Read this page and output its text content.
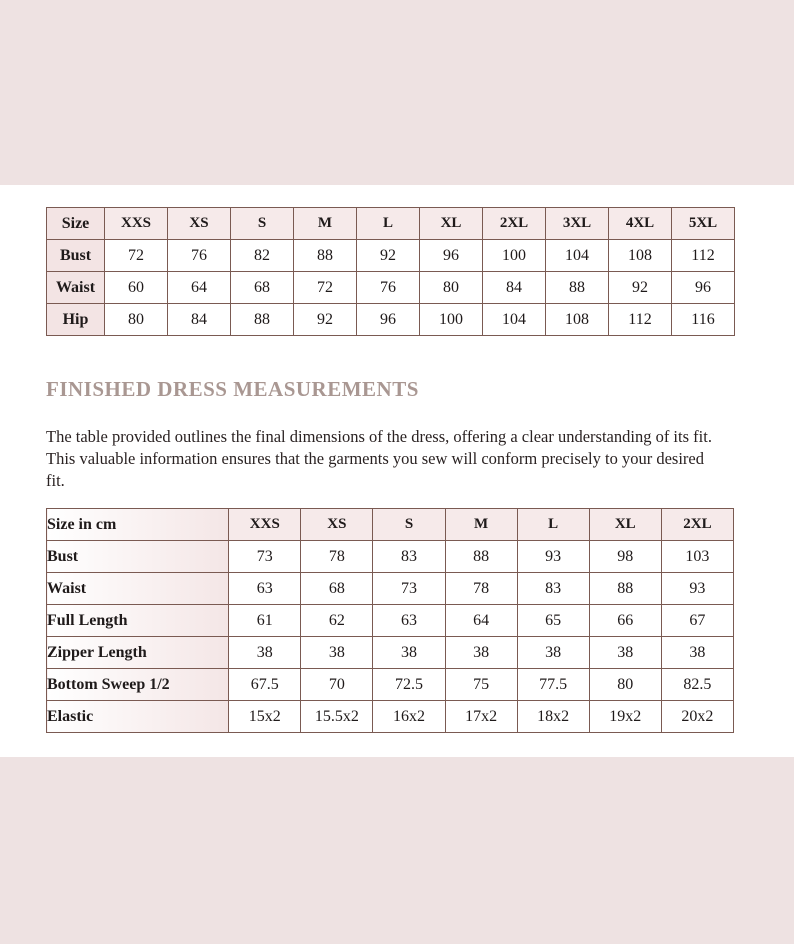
Size	XXS	XS	S	M	L	XL	2XL	3XL	4XL	5XL
Bust	72	76	82	88	92	96	100	104	108	112
Waist	60	64	68	72	76	80	84	88	92	96
Hip	80	84	88	92	96	100	104	108	112	116
FINISHED DRESS MEASUREMENTS

The table provided outlines the final dimensions of the dress, offering a clear understanding of its fit. This valuable information ensures that the garments you sew will conform precisely to your desired fit.

Size in cm	XXS	XS	S	M	L	XL	2XL
Bust	73	78	83	88	93	98	103
Waist	63	68	73	78	83	88	93
Full Length	61	62	63	64	65	66	67
Zipper Length	38	38	38	38	38	38	38
Bottom Sweep 1/2	67.5	70	72.5	75	77.5	80	82.5
Elastic	15x2	15.5x2	16x2	17x2	18x2	19x2	20x2
